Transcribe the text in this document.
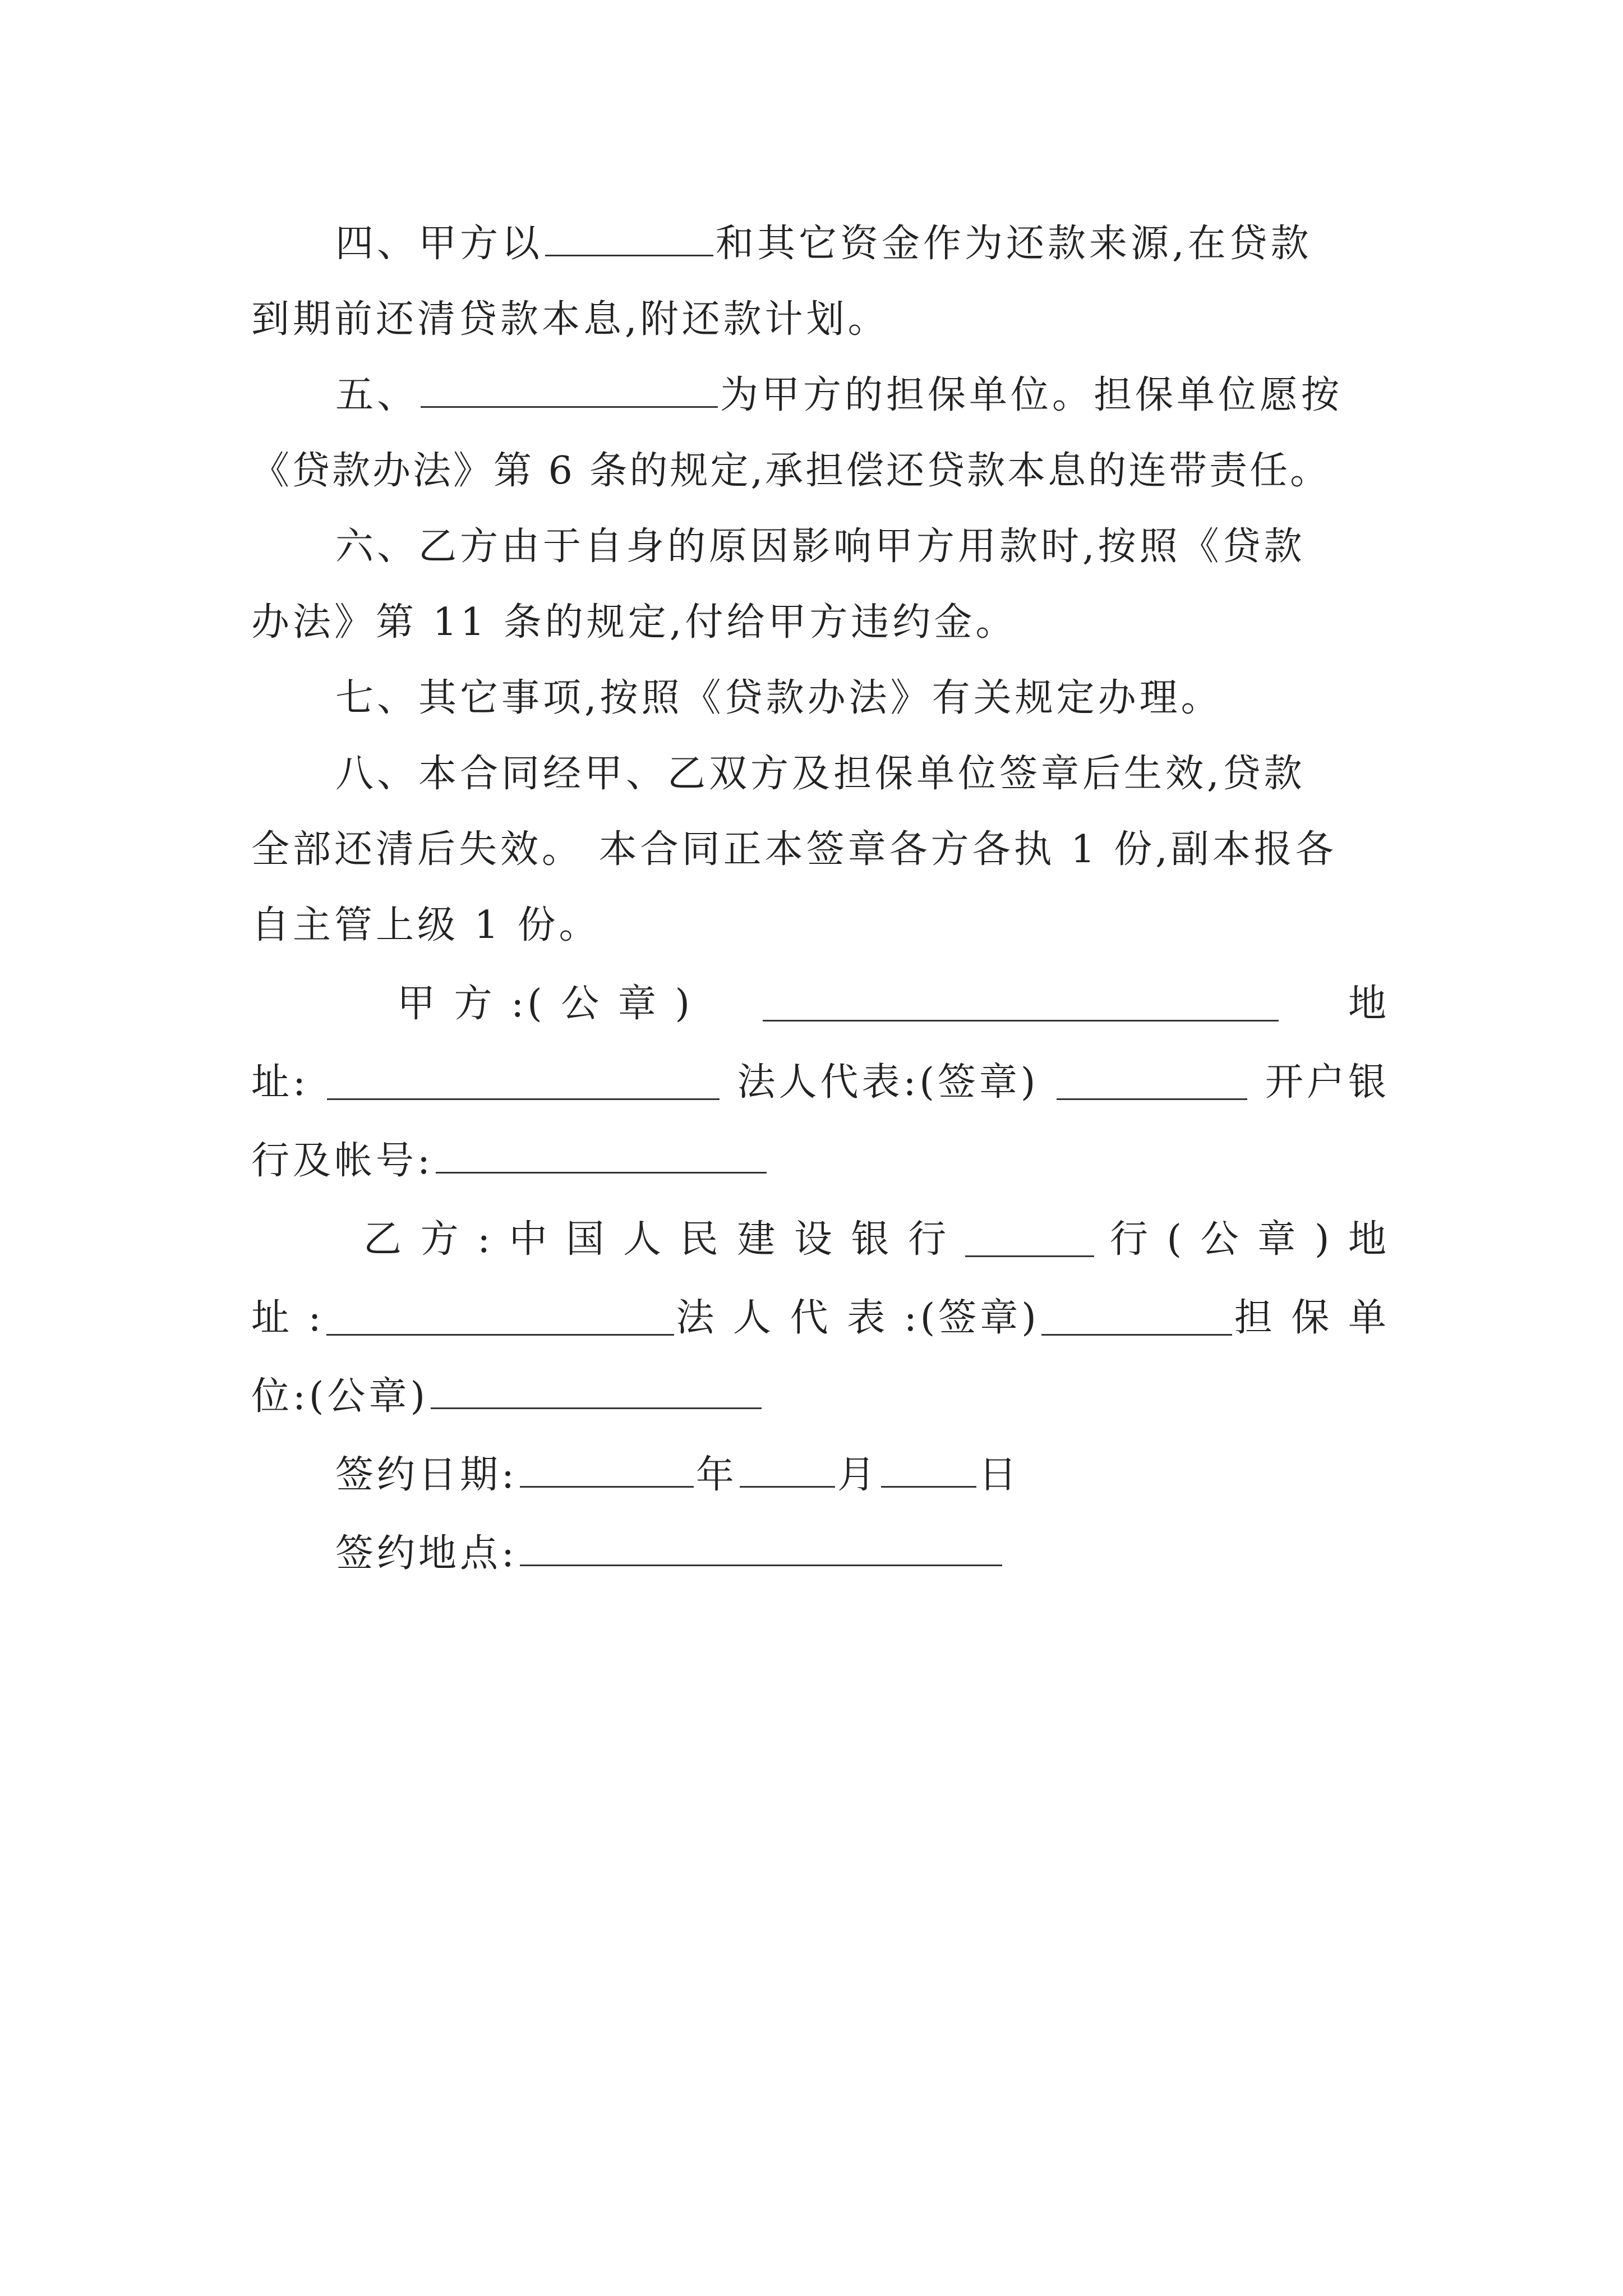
四、甲方以	和其它资金作为还款来源,在贷款
到期前还清贷款本息,附还款计划。
五、	为甲方的担保单位。担保单位愿按
《贷款办法》第 6 条的规定,承担偿还贷款本息的连带责任。
六、乙方由于自身的原因影响甲方用款时,按照《贷款
办法》第 11 条的规定,付给甲方违约金。
七、其它事项,按照《贷款办法》有关规定办理。
八、本合同经甲、乙双方及担保单位签章后生效,贷款
全部还清后失效。 本合同正本签章各方各执 1 份,副本报各
自主管上级 1 份。
甲 方 :( 公 章 )	地
址:	法人代表:(签章)	开户银
行及帐号:
乙 方 : 中 国 人 民 建 设 银 行	行 ( 公 章 ) 地
址 :	法 人 代 表 :(签章)	担 保 单
位:(公章)
签约日期:	年	月	日
签约地点:
